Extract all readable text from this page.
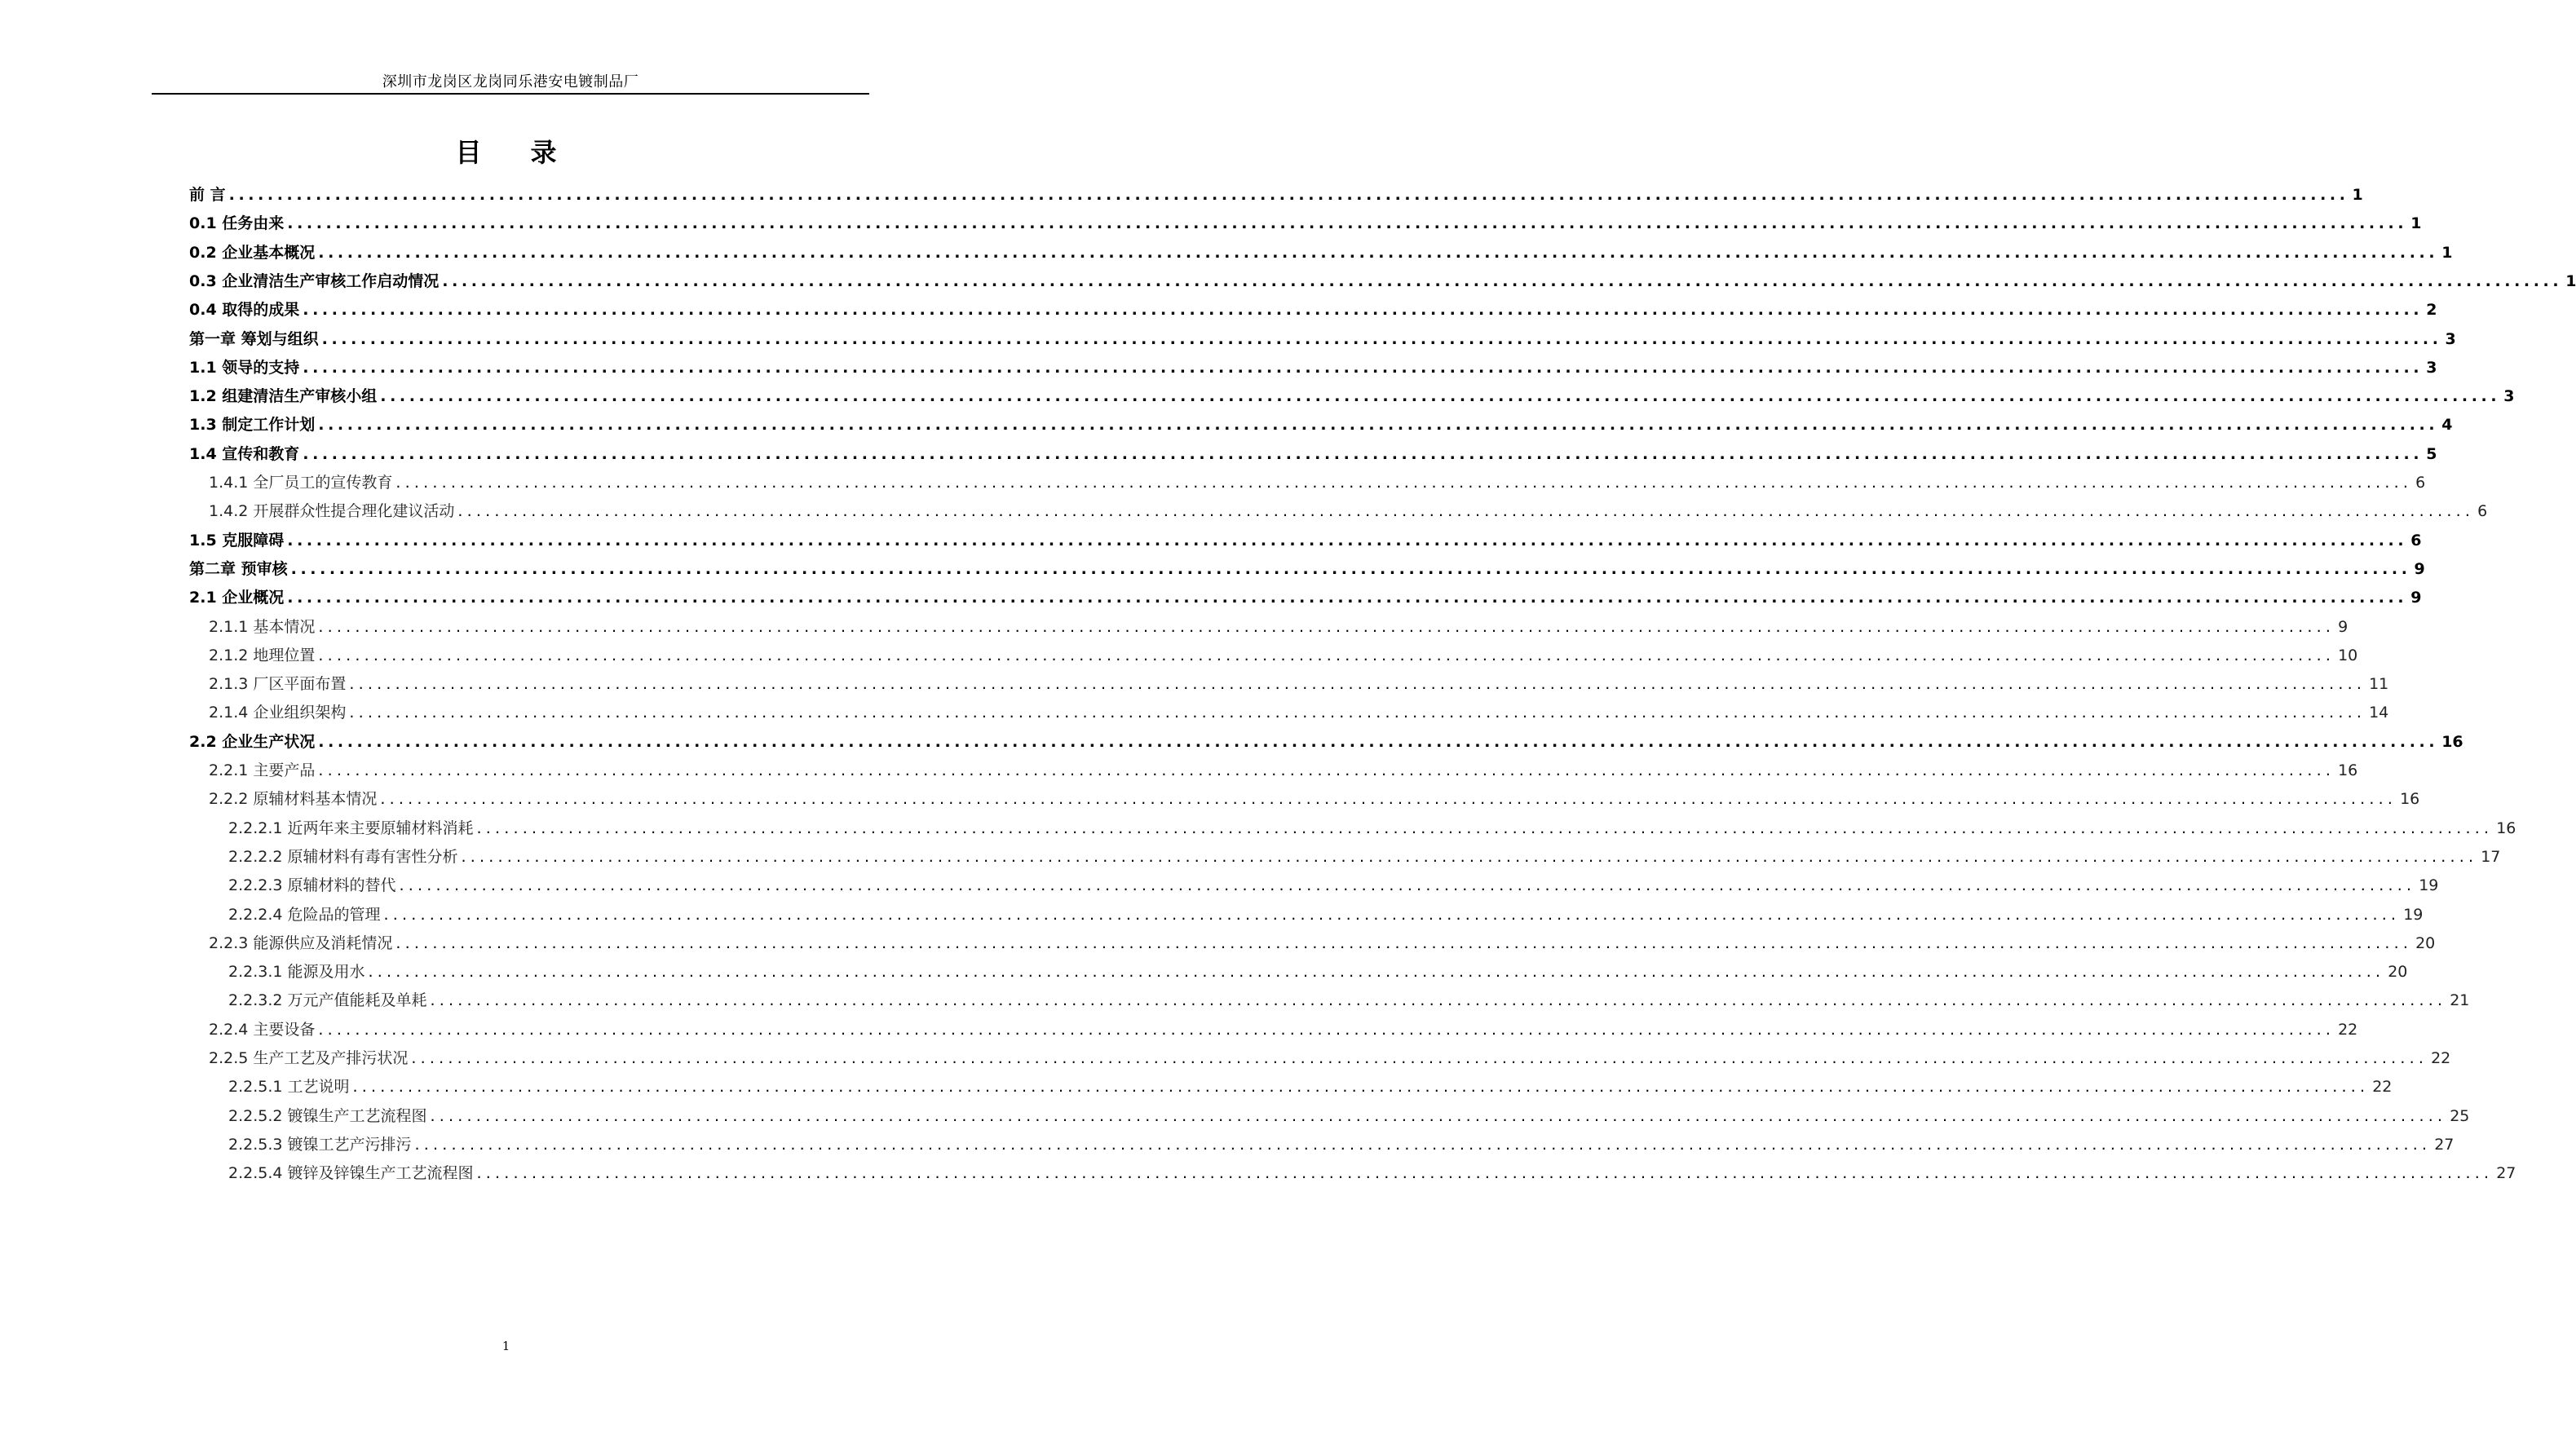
深圳市龙岗区龙岗同乐港安电镀制品厂
目录
前 言 ............................................................................................................................................................................................................................ 1
0.1 任务由来 ............................................................................................................................................................................................................................ 1
0.2 企业基本概况 ............................................................................................................................................................................................................................ 1
0.3 企业清洁生产审核工作启动情况 ............................................................................................................................................................................................................................ 1
0.4 取得的成果 ............................................................................................................................................................................................................................ 2
第一章 筹划与组织 ............................................................................................................................................................................................................................ 3
1.1 领导的支持 ............................................................................................................................................................................................................................ 3
1.2 组建清洁生产审核小组 ............................................................................................................................................................................................................................ 3
1.3 制定工作计划 ............................................................................................................................................................................................................................ 4
1.4 宣传和教育 ............................................................................................................................................................................................................................ 5
1.4.1 全厂员工的宣传教育 ............................................................................................................................................................................................................................ 6
1.4.2 开展群众性提合理化建议活动 ............................................................................................................................................................................................................................ 6
1.5 克服障碍 ............................................................................................................................................................................................................................ 6
第二章 预审核 ............................................................................................................................................................................................................................ 9
2.1 企业概况 ............................................................................................................................................................................................................................ 9
2.1.1 基本情况 ............................................................................................................................................................................................................................ 9
2.1.2 地理位置 ............................................................................................................................................................................................................................ 10
2.1.3 厂区平面布置 ............................................................................................................................................................................................................................ 11
2.1.4 企业组织架构 ............................................................................................................................................................................................................................ 14
2.2 企业生产状况 ............................................................................................................................................................................................................................ 16
2.2.1 主要产品 ............................................................................................................................................................................................................................ 16
2.2.2 原辅材料基本情况 ............................................................................................................................................................................................................................ 16
2.2.2.1 近两年来主要原辅材料消耗 ............................................................................................................................................................................................................................ 16
2.2.2.2 原辅材料有毒有害性分析 ............................................................................................................................................................................................................................ 17
2.2.2.3 原辅材料的替代 ............................................................................................................................................................................................................................ 19
2.2.2.4 危险品的管理 ............................................................................................................................................................................................................................ 19
2.2.3 能源供应及消耗情况 ............................................................................................................................................................................................................................ 20
2.2.3.1 能源及用水 ............................................................................................................................................................................................................................ 20
2.2.3.2 万元产值能耗及单耗 ............................................................................................................................................................................................................................ 21
2.2.4 主要设备 ............................................................................................................................................................................................................................ 22
2.2.5 生产工艺及产排污状况 ............................................................................................................................................................................................................................ 22
2.2.5.1 工艺说明 ............................................................................................................................................................................................................................ 22
2.2.5.2 镀镍生产工艺流程图 ............................................................................................................................................................................................................................ 25
2.2.5.3 镀镍工艺产污排污 ............................................................................................................................................................................................................................ 27
2.2.5.4 镀锌及锌镍生产工艺流程图 ............................................................................................................................................................................................................................ 27
1
